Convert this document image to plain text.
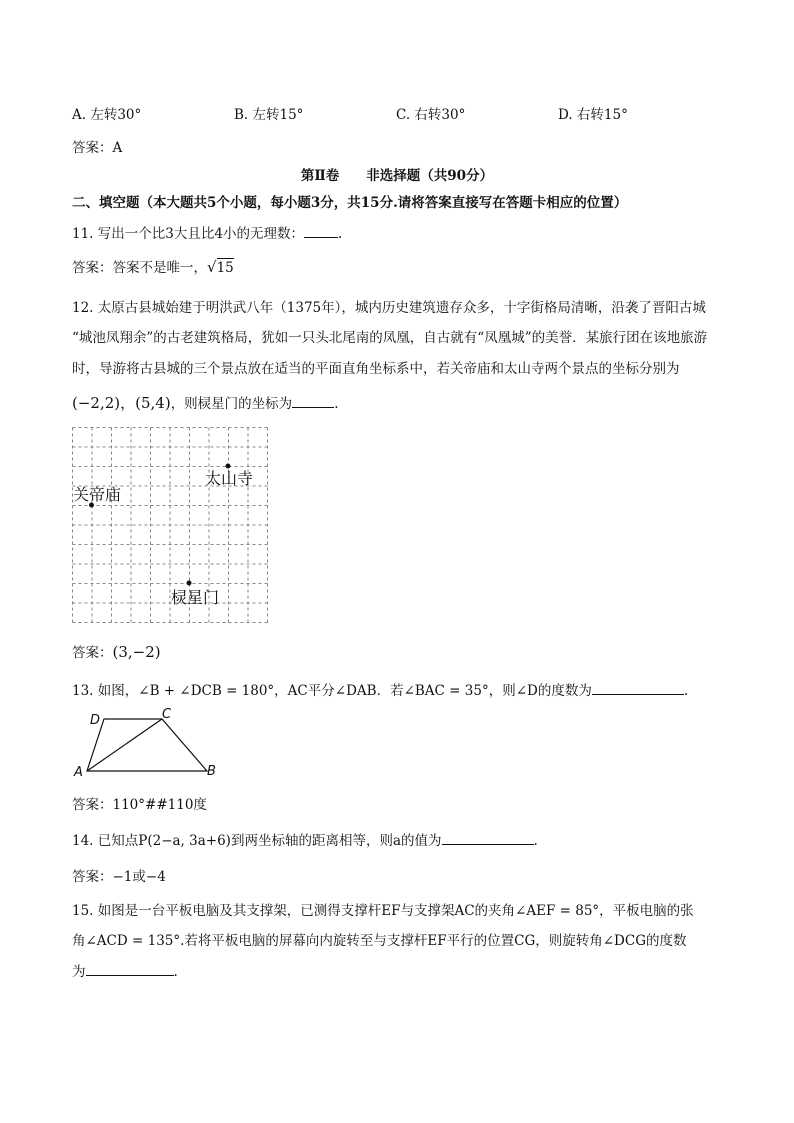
A. 左转30°	B. 左转15°	C. 右转30°	D. 右转15°
答案：A
第Ⅱ卷　　非选择题（共90分）
二、填空题（本大题共5个小题，每小题3分，共15分.请将答案直接写在答题卡相应的位置）
11. 写出一个比3大且比4小的无理数：	.
答案：答案不是唯一，√15
12. 太原古县城始建于明洪武八年（1375年），城内历史建筑遗存众多，十字街格局清晰，沿袭了晋阳古城
“城池凤翔余”的古老建筑格局，犹如一只头北尾南的凤凰，自古就有“凤凰城”的美誉．某旅行团在该地旅游
时，导游将古县城的三个景点放在适当的平面直角坐标系中，若关帝庙和太山寺两个景点的坐标分别为
(−2,2)，(5,4)，则棂星门的坐标为	.
太山寺
关帝庙
棂星门
答案：(3,−2)
13. 如图，∠B + ∠DCB = 180°，AC平分∠DAB．若∠BAC = 35°，则∠D的度数为	.
A	B
C
D
答案：110°##110度
14. 已知点P(2−a, 3a+6)到两坐标轴的距离相等，则a的值为	.
答案：−1或−4
15. 如图是一台平板电脑及其支撑架，已测得支撑杆EF与支撑架AC的夹角∠AEF = 85°，平板电脑的张
角∠ACD = 135°.若将平板电脑的屏幕向内旋转至与支撑杆EF平行的位置CG，则旋转角∠DCG的度数
为	.
